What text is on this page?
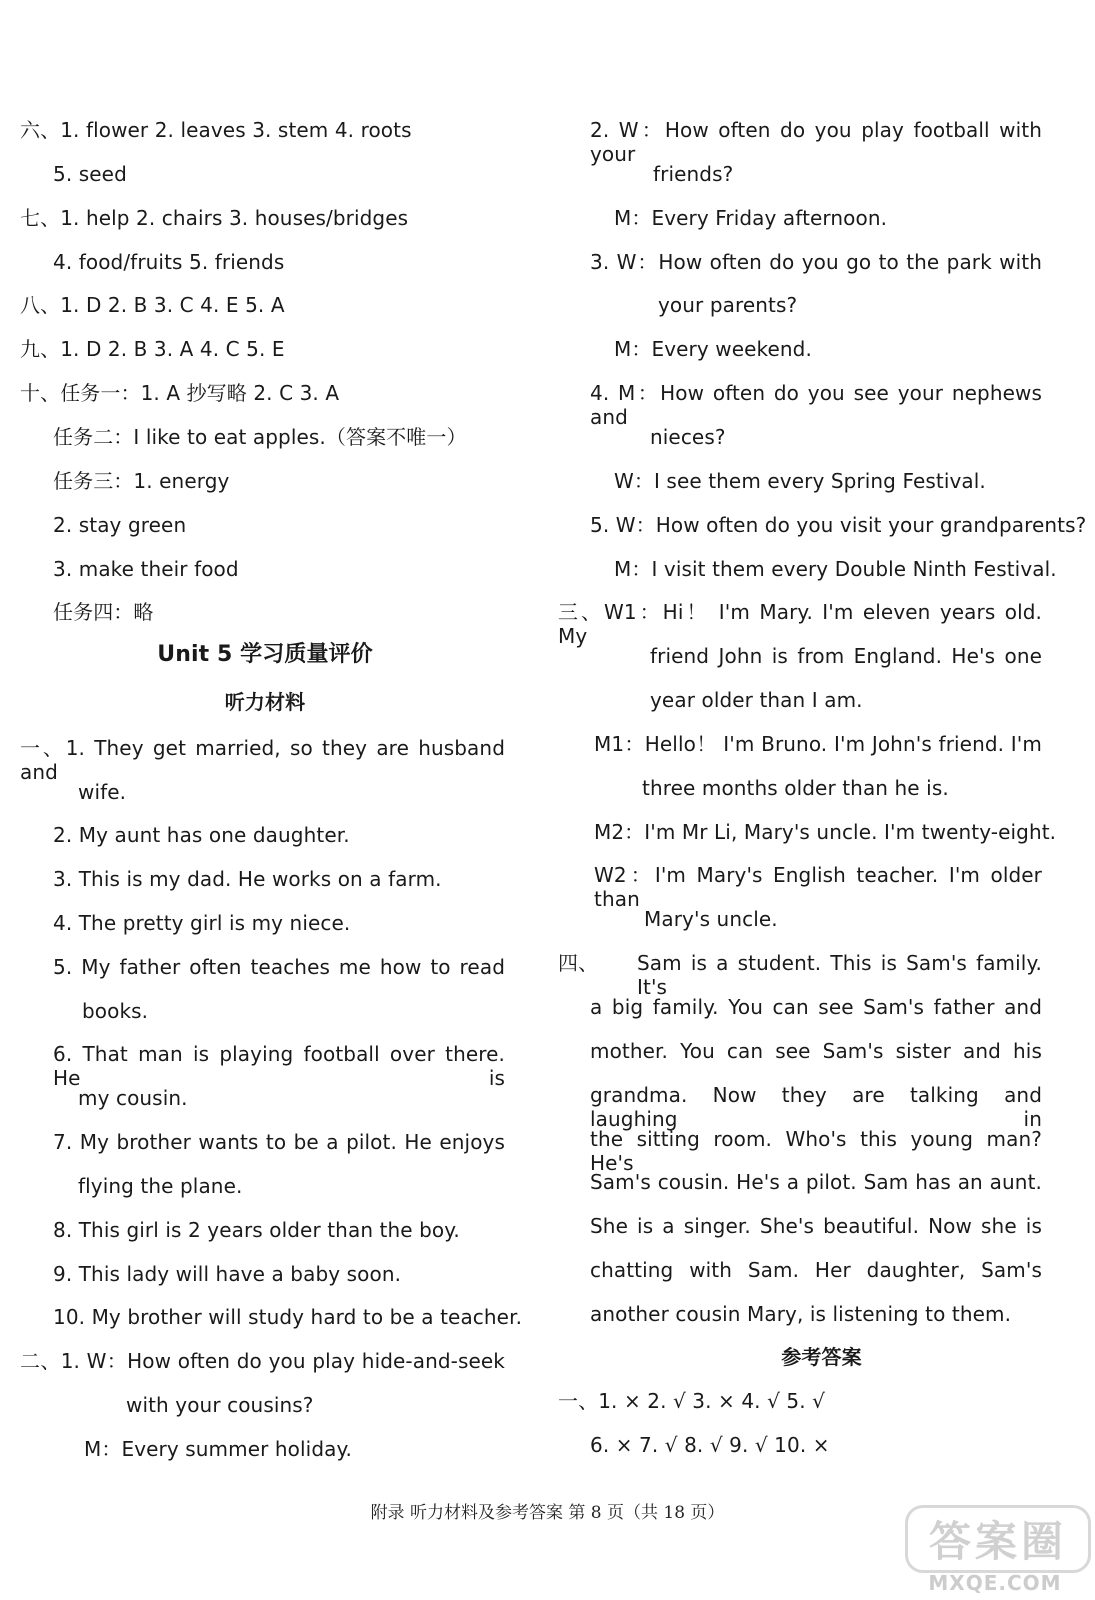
六、1. flower 2. leaves 3. stem 4. roots
5. seed
七、1. help 2. chairs 3. houses/bridges
4. food/fruits 5. friends
八、1. D 2. B 3. C 4. E 5. A
九、1. D 2. B 3. A 4. C 5. E
十、任务一：1. A 抄写略 2. C 3. A
任务二：I like to eat apples.（答案不唯一）
任务三：1. energy
2. stay green
3. make their food
任务四：略
一、1. They get married, so they are husband and
wife.
2. My aunt has one daughter.
3. This is my dad. He works on a farm.
4. The pretty girl is my niece.
5. My father often teaches me how to read
books.
6. That man is playing football over there. He is
my cousin.
7. My brother wants to be a pilot. He enjoys
flying the plane.
8. This girl is 2 years older than the boy.
9. This lady will have a baby soon.
10. My brother will study hard to be a teacher.
二、1. W：How often do you play hide-and-seek
with your cousins?
M：Every summer holiday.
Unit 5 学习质量评价
听力材料
2. W：How often do you play football with your
friends?
M：Every Friday afternoon.
3. W：How often do you go to the park with
your parents?
M：Every weekend.
4. M：How often do you see your nephews and
nieces?
W：I see them every Spring Festival.
5. W：How often do you visit your grandparents?
M：I visit them every Double Ninth Festival.
三、W1：Hi！ I'm Mary. I'm eleven years old. My
friend John is from England. He's one
year older than I am.
M1：Hello！ I'm Bruno. I'm John's friend. I'm
three months older than he is.
M2：I'm Mr Li, Mary's uncle. I'm twenty-eight.
W2：I'm Mary's English teacher. I'm older than
Mary's uncle.
四、 Sam is a student. This is Sam's family. It's
a big family. You can see Sam's father and
mother. You can see Sam's sister and his
grandma. Now they are talking and laughing in
the sitting room. Who's this young man? He's
Sam's cousin. He's a pilot. Sam has an aunt.
She is a singer. She's beautiful. Now she is
chatting with Sam. Her daughter, Sam's
another cousin Mary, is listening to them.
一、1. × 2. √ 3. × 4. √ 5. √
6. × 7. √ 8. √ 9. √ 10. ×
参考答案
附录 听力材料及参考答案 第 8 页（共 18 页）
答案圈
MXQE.COM
